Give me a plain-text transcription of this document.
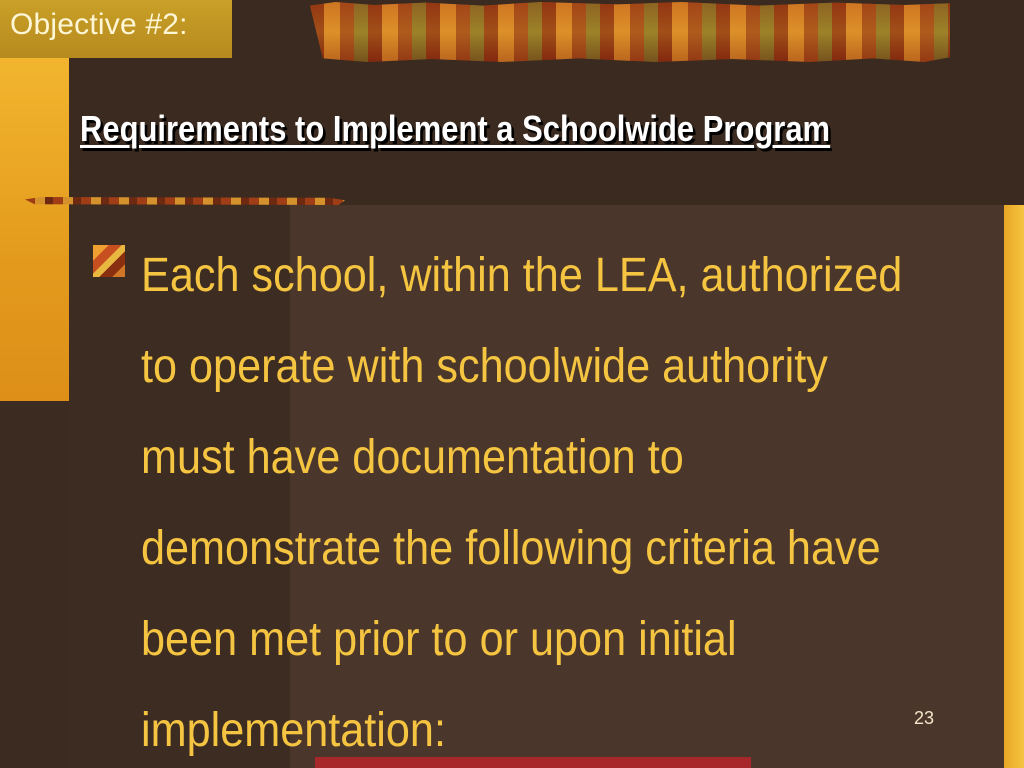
Objective #2:
Requirements to Implement a Schoolwide Program
Each school, within the LEA, authorized to operate with schoolwide authority must have documentation to demonstrate the following criteria have been met prior to or upon initial implementation:	23
